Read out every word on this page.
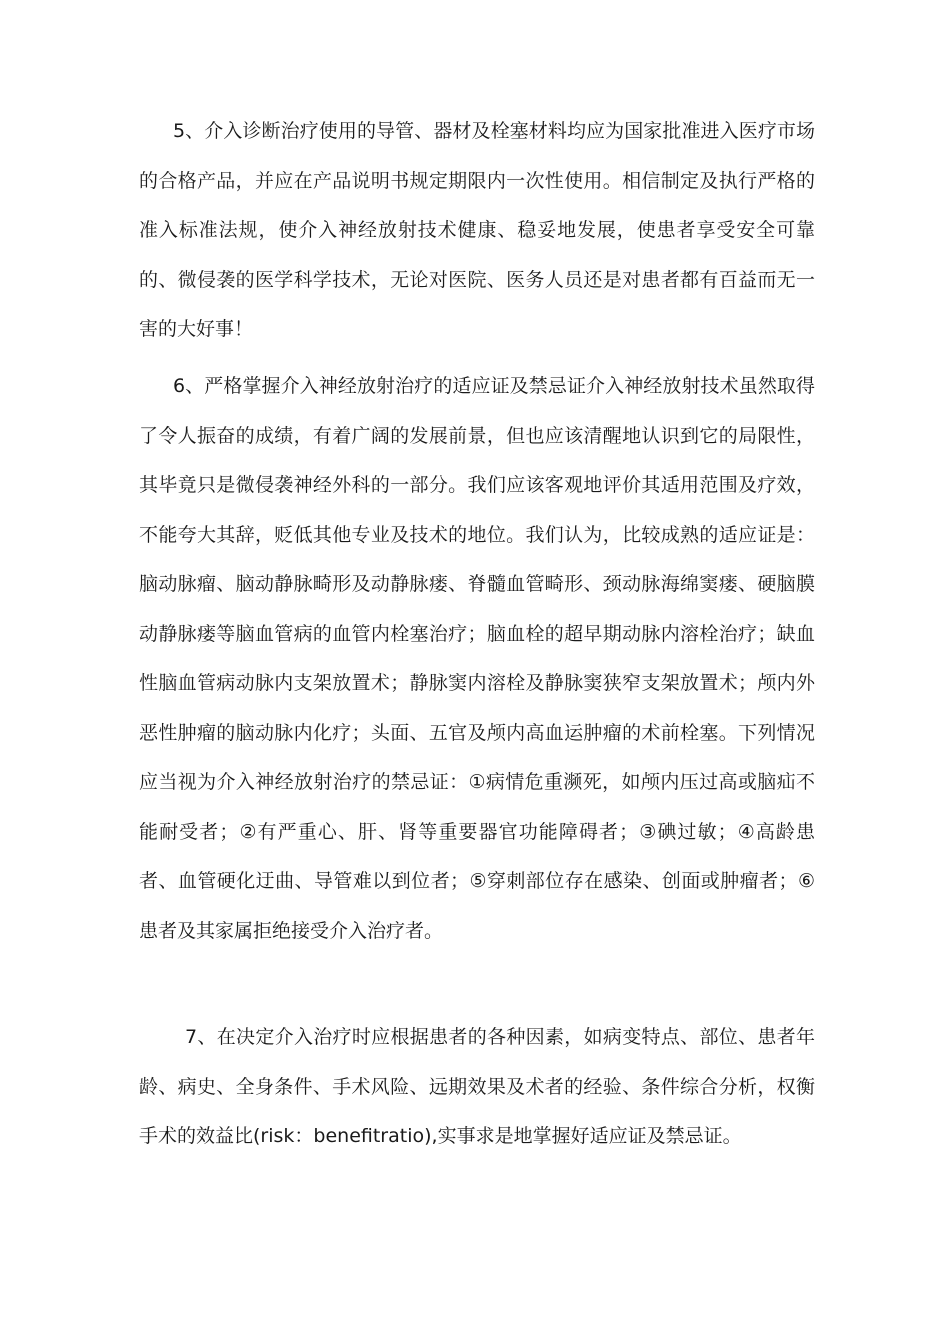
5、介入诊断治疗使用的导管、器材及栓塞材料均应为国家批准进入医疗市场的合格产品，并应在产品说明书规定期限内一次性使用。相信制定及执行严格的准入标准法规，使介入神经放射技术健康、稳妥地发展，使患者享受安全可靠的、微侵袭的医学科学技术，无论对医院、医务人员还是对患者都有百益而无一害的大好事！

6、严格掌握介入神经放射治疗的适应证及禁忌证介入神经放射技术虽然取得了令人振奋的成绩，有着广阔的发展前景，但也应该清醒地认识到它的局限性，其毕竟只是微侵袭神经外科的一部分。我们应该客观地评价其适用范围及疗效，不能夸大其辞，贬低其他专业及技术的地位。我们认为，比较成熟的适应证是：脑动脉瘤、脑动静脉畸形及动静脉瘘、脊髓血管畸形、颈动脉海绵窦瘘、硬脑膜动静脉瘘等脑血管病的血管内栓塞治疗；脑血栓的超早期动脉内溶栓治疗；缺血性脑血管病动脉内支架放置术；静脉窦内溶栓及静脉窦狭窄支架放置术；颅内外恶性肿瘤的脑动脉内化疗；头面、五官及颅内高血运肿瘤的术前栓塞。下列情况应当视为介入神经放射治疗的禁忌证：①病情危重濒死，如颅内压过高或脑疝不能耐受者；②有严重心、肝、肾等重要器官功能障碍者；③碘过敏；④高龄患者、血管硬化迂曲、导管难以到位者；⑤穿刺部位存在感染、创面或肿瘤者；⑥患者及其家属拒绝接受介入治疗者。

7、在决定介入治疗时应根据患者的各种因素，如病变特点、部位、患者年龄、病史、全身条件、手术风险、远期效果及术者的经验、条件综合分析，权衡手术的效益比(risk：benefitratio),实事求是地掌握好适应证及禁忌证。
